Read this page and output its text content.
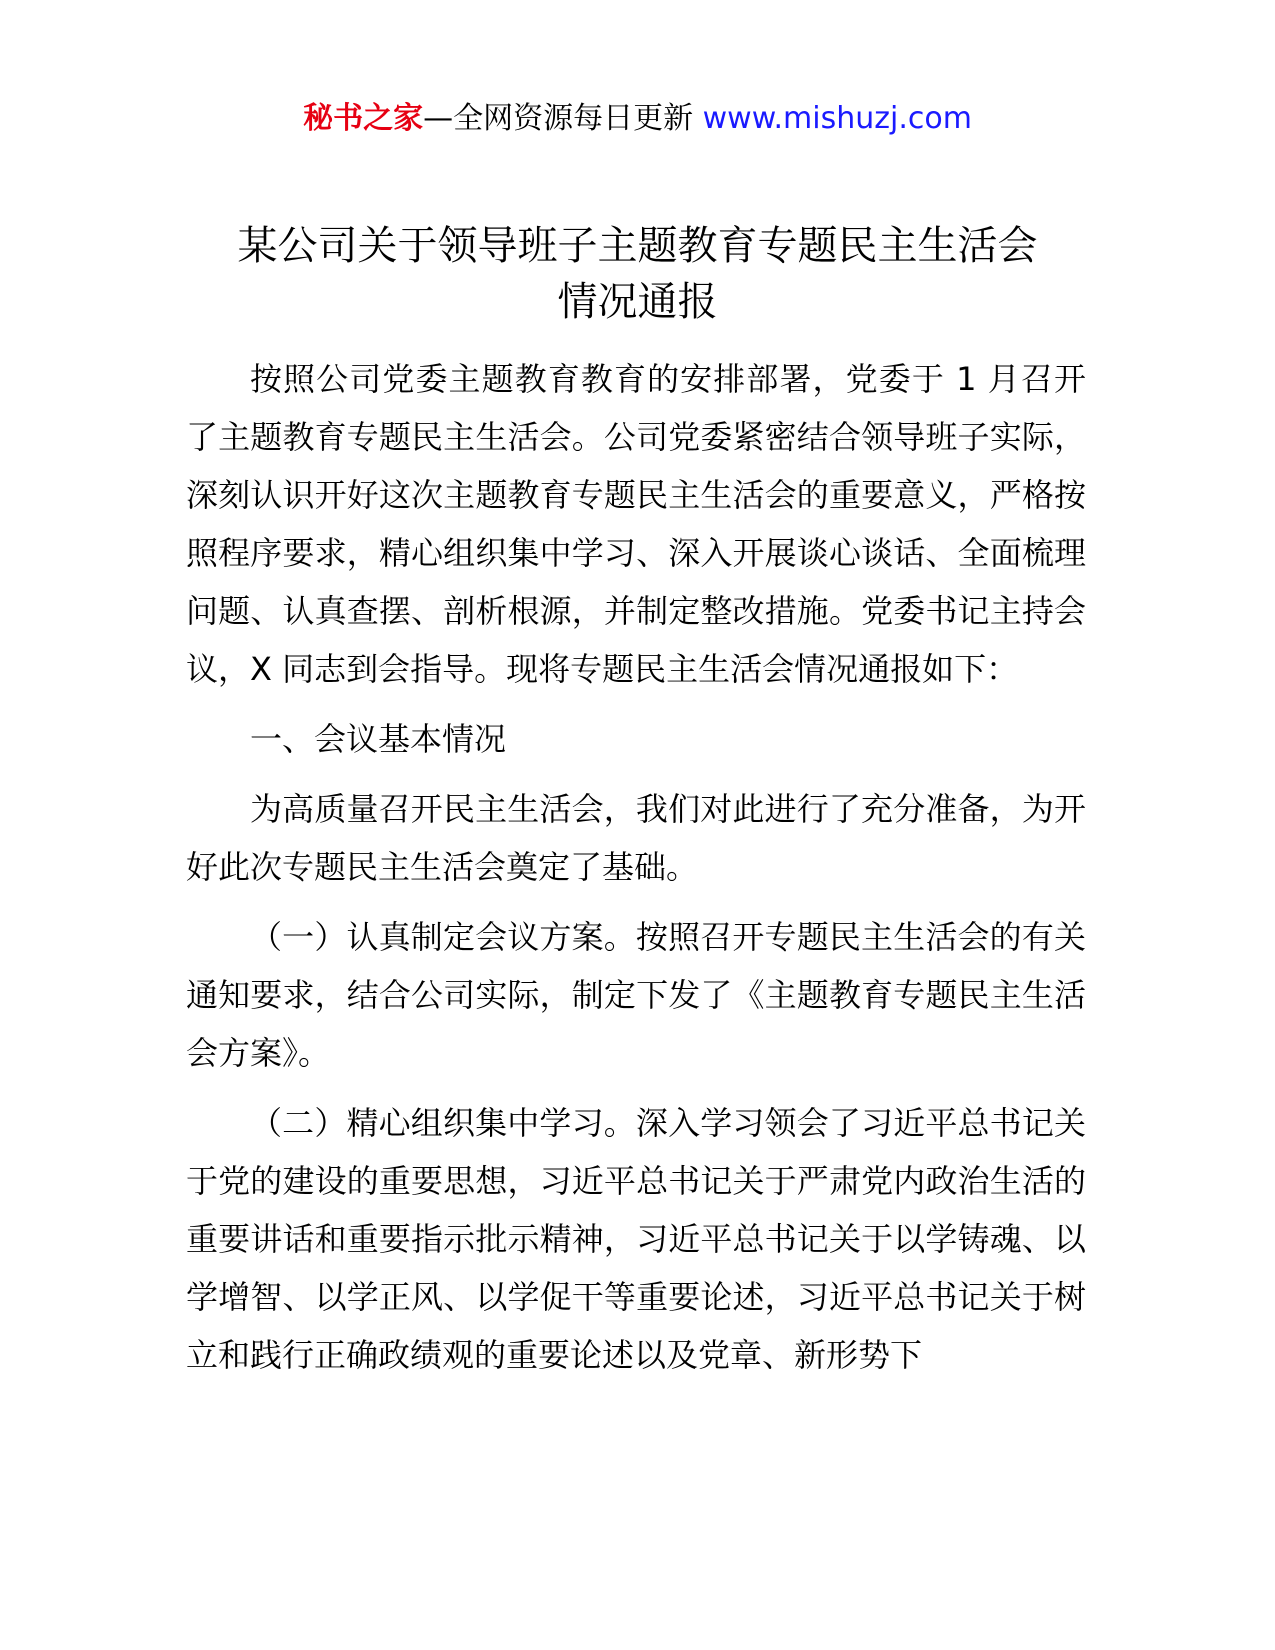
秘书之家—全网资源每日更新 www.mishuzj.com
某公司关于领导班子主题教育专题民主生活会
情况通报

按照公司党委主题教育教育的安排部署，党委于 1 月召开了主题教育专题民主生活会。公司党委紧密结合领导班子实际，深刻认识开好这次主题教育专题民主生活会的重要意义，严格按照程序要求，精心组织集中学习、深入开展谈心谈话、全面梳理问题、认真查摆、剖析根源，并制定整改措施。党委书记主持会议，X 同志到会指导。现将专题民主生活会情况通报如下：

一、会议基本情况

为高质量召开民主生活会，我们对此进行了充分准备，为开好此次专题民主生活会奠定了基础。

（一）认真制定会议方案。按照召开专题民主生活会的有关通知要求，结合公司实际，制定下发了《主题教育专题民主生活会方案》。

（二）精心组织集中学习。深入学习领会了习近平总书记关于党的建设的重要思想，习近平总书记关于严肃党内政治生活的重要讲话和重要指示批示精神，习近平总书记关于以学铸魂、以学增智、以学正风、以学促干等重要论述，习近平总书记关于树立和践行正确政绩观的重要论述以及党章、新形势下
